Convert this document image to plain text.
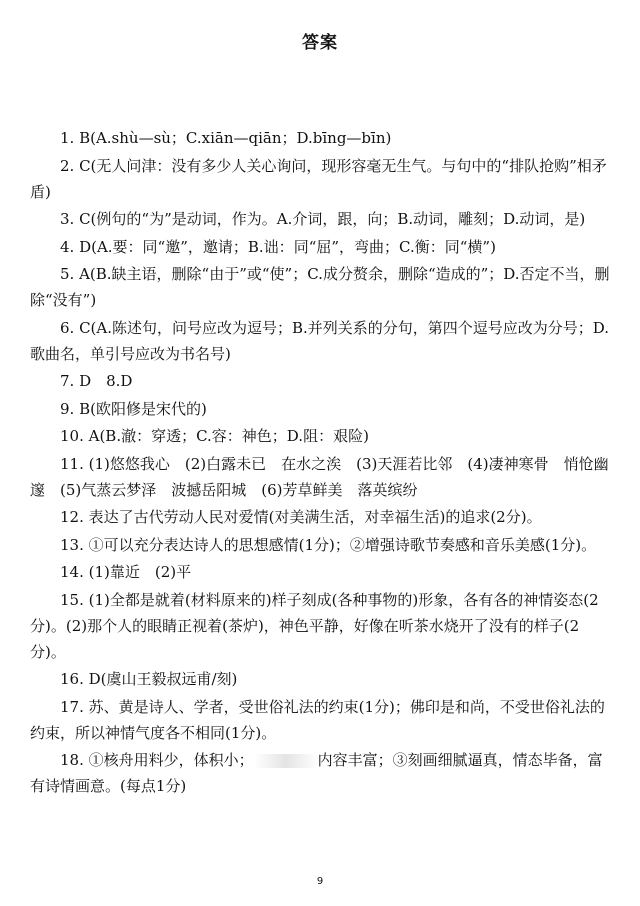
答案
1. B(A.shù—sù；C.xiān—qiān；D.bīng—bīn)
2. C(无人问津：没有多少人关心询问，现形容毫无生气。与句中的“排队抢购”相矛盾)
3. C(例句的“为”是动词，作为。A.介词，跟，向；B.动词，雕刻；D.动词，是)
4. D(A.要：同“邀”，邀请；B.诎：同“屈”，弯曲；C.衡：同“横”)
5. A(B.缺主语，删除“由于”或“使”；C.成分赘余，删除“造成的”；D.否定不当，删除“没有”)
6. C(A.陈述句，问号应改为逗号；B.并列关系的分句，第四个逗号应改为分号；D.歌曲名，单引号应改为书名号)
7. D　8.D
9. B(欧阳修是宋代的)
10. A(B.澈：穿透；C.容：神色；D.阻：艰险)
11. (1)悠悠我心　(2)白露未已　在水之涘　(3)天涯若比邻　(4)凄神寒骨　悄怆幽邃　(5)气蒸云梦泽　波撼岳阳城　(6)芳草鲜美　落英缤纷
12. 表达了古代劳动人民对爱情(对美满生活，对幸福生活)的追求(2分)。
13. ①可以充分表达诗人的思想感情(1分)；②增强诗歌节奏感和音乐美感(1分)。
14. (1)靠近　(2)平
15. (1)全都是就着(材料原来的)样子刻成(各种事物的)形象，各有各的神情姿态(2分)。(2)那个人的眼睛正视着(茶炉)，神色平静，好像在听茶水烧开了没有的样子(2分)。
16. D(虞山王毅叔远甫/刻)
17. 苏、黄是诗人、学者，受世俗礼法的约束(1分)；佛印是和尚，不受世俗礼法的约束，所以神情气度各不相同(1分)。
18. ①核舟用料少，体积小；	内容丰富；③刻画细腻逼真，情态毕备，富有诗情画意。(每点1分)
9
